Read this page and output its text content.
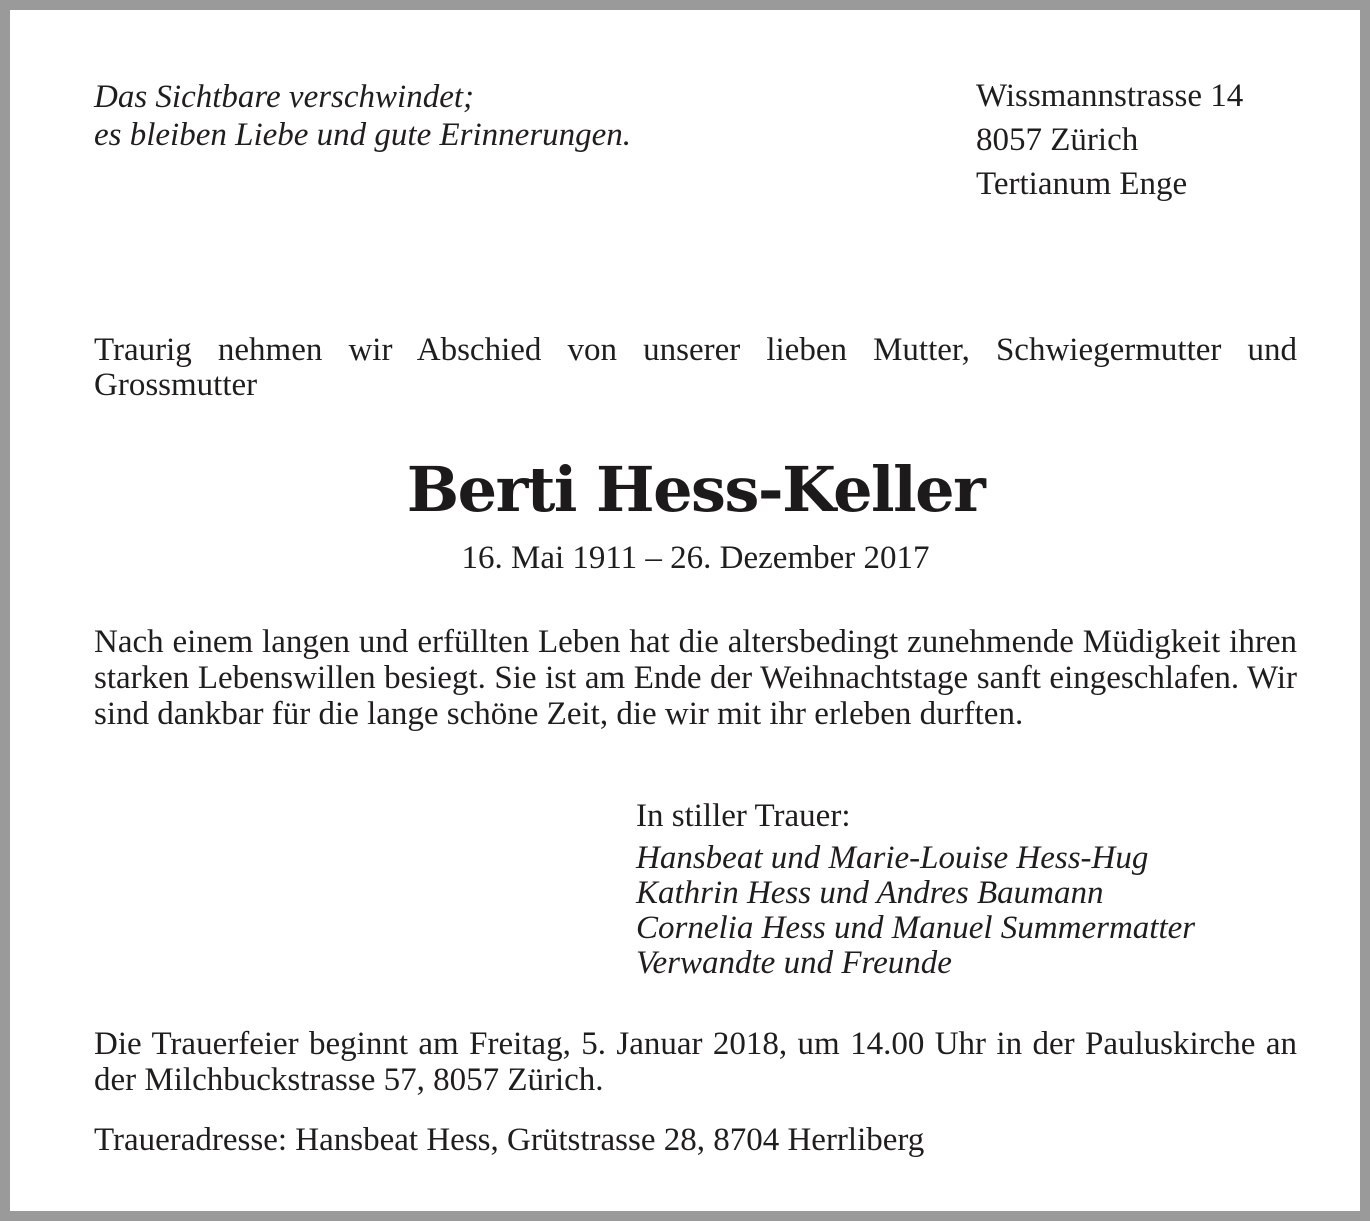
Das Sichtbare verschwindet;
es bleiben Liebe und gute Erinnerungen.

Wissmannstrasse 14
8057 Zürich
Tertianum Enge

Traurig nehmen wir Abschied von unserer lieben Mutter, Schwiegermutter und Grossmutter

Berti Hess-Keller

16. Mai 1911 – 26. Dezember 2017

Nach einem langen und erfüllten Leben hat die altersbedingt zunehmende Müdigkeit ihren starken Lebenswillen besiegt. Sie ist am Ende der Weihnachtstage sanft eingeschlafen. Wir sind dankbar für die lange schöne Zeit, die wir mit ihr erleben durften.

In stiller Trauer:

Hansbeat und Marie-Louise Hess-Hug
Kathrin Hess und Andres Baumann
Cornelia Hess und Manuel Summermatter
Verwandte und Freunde

Die Trauerfeier beginnt am Freitag, 5. Januar 2018, um 14.00 Uhr in der Pauluskirche an der Milchbuckstrasse 57, 8057 Zürich.

Traueradresse: Hansbeat Hess, Grütstrasse 28, 8704 Herrliberg
